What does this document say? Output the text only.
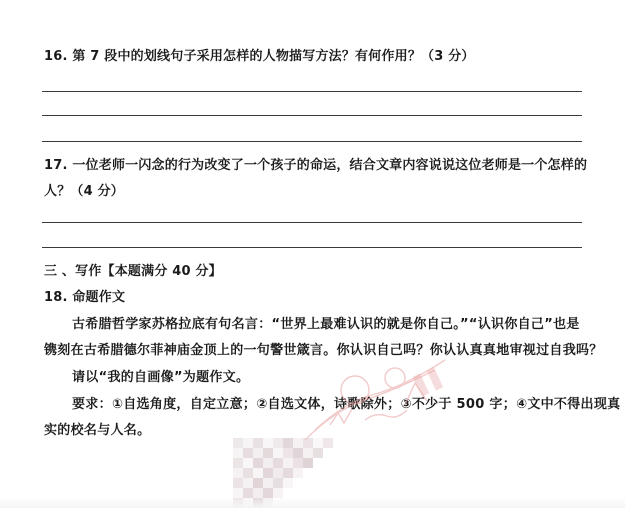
16. 第 7 段中的划线句子采用怎样的人物描写方法？有何作用？（3 分）
17. 一位老师一闪念的行为改变了一个孩子的命运，结合文章内容说说这位老师是一个怎样的
人？（4 分）
三 、写作【本题满分 40 分】
18. 命题作文
古希腊哲学家苏格拉底有句名言：“世界上最难认识的就是你自己。”“认识你自己”也是
镌刻在古希腊德尔菲神庙金顶上的一句警世箴言。你认识自己吗？你认认真真地审视过自我吗？
请以“我的自画像”为题作文。
要求：①自选角度，自定立意；②自选文体，诗歌除外；③不少于 500 字；④文中不得出现真
实的校名与人名。
